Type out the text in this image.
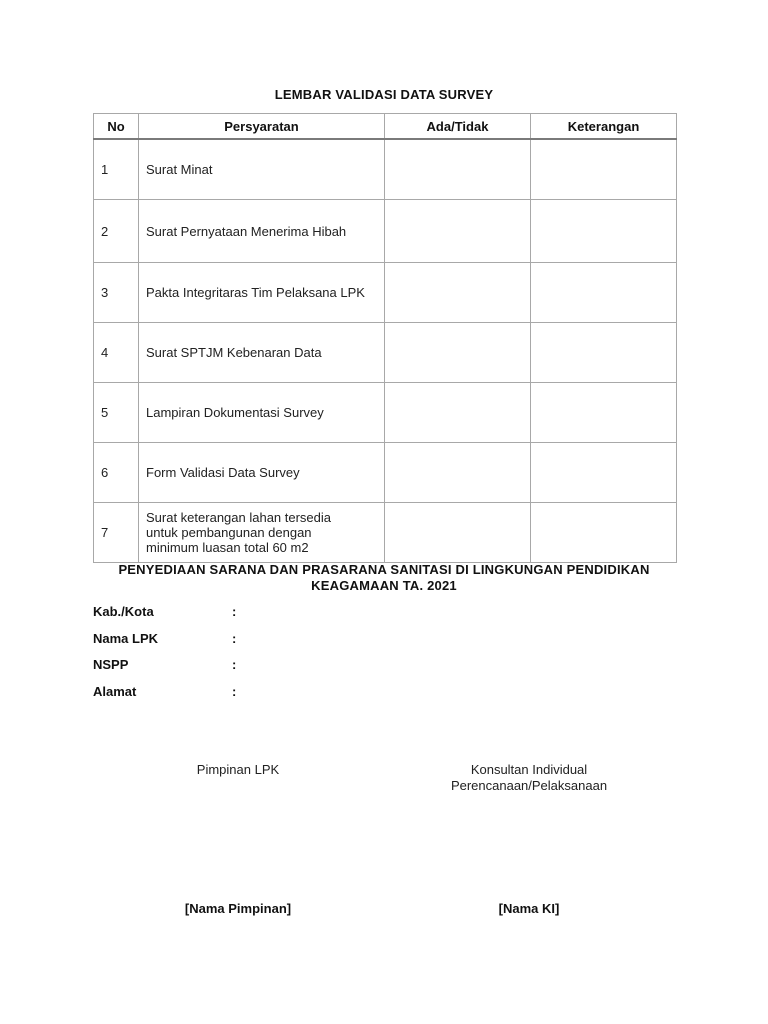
LEMBAR VALIDASI DATA SURVEY
No	Persyaratan	Ada/Tidak	Keterangan
1	Surat Minat		
2	Surat Pernyataan Menerima Hibah		
3	Pakta Integritaras Tim Pelaksana LPK		
4	Surat SPTJM Kebenaran Data		
5	Lampiran Dokumentasi Survey		
6	Form Validasi Data Survey		
7	Surat keterangan lahan tersedia untuk pembangunan dengan minimum luasan total 60 m2		
PENYEDIAAN SARANA DAN PRASARANA SANITASI DI LINGKUNGAN PENDIDIKAN KEAGAMAAN TA. 2021
Kab./Kota	:
Nama LPK	:
NSPP	:
Alamat	:
Pimpinan LPK	Konsultan Individual
Perencanaan/Pelaksanaan
[Nama Pimpinan]	[Nama KI]
